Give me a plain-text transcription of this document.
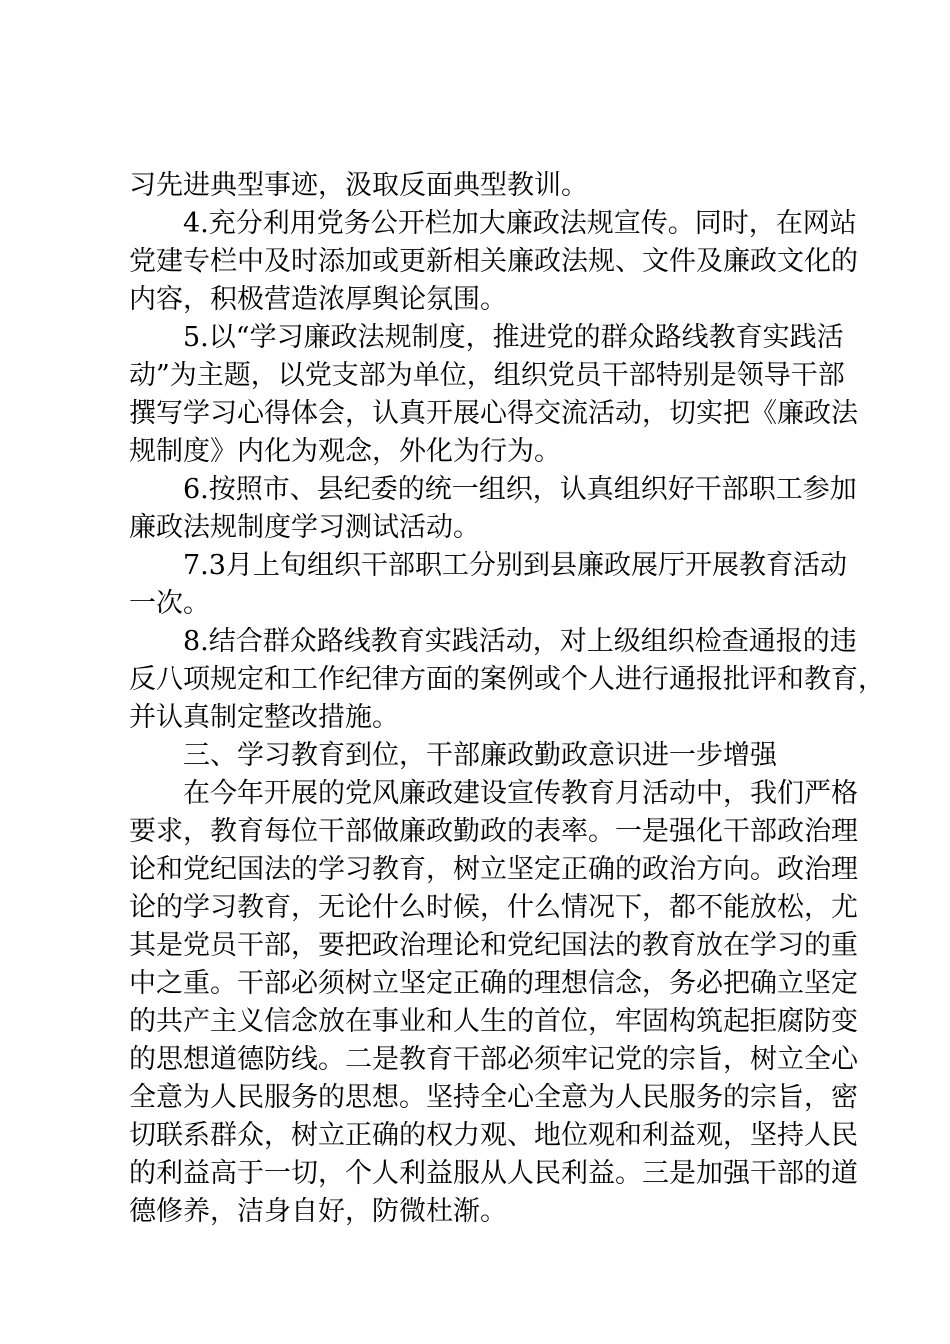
习先进典型事迹，汲取反面典型教训。
4.充分利用党务公开栏加大廉政法规宣传。同时，在网站
党建专栏中及时添加或更新相关廉政法规、文件及廉政文化的
内容，积极营造浓厚舆论氛围。
5.以“学习廉政法规制度，推进党的群众路线教育实践活
动”为主题，以党支部为单位，组织党员干部特别是领导干部
撰写学习心得体会，认真开展心得交流活动，切实把《廉政法
规制度》内化为观念，外化为行为。
6.按照市、县纪委的统一组织，认真组织好干部职工参加
廉政法规制度学习测试活动。
7.3月上旬组织干部职工分别到县廉政展厅开展教育活动
一次。
8.结合群众路线教育实践活动，对上级组织检查通报的违
反八项规定和工作纪律方面的案例或个人进行通报批评和教育，
并认真制定整改措施。
三、学习教育到位，干部廉政勤政意识进一步增强
在今年开展的党风廉政建设宣传教育月活动中，我们严格
要求，教育每位干部做廉政勤政的表率。一是强化干部政治理
论和党纪国法的学习教育，树立坚定正确的政治方向。政治理
论的学习教育，无论什么时候，什么情况下，都不能放松，尤
其是党员干部，要把政治理论和党纪国法的教育放在学习的重
中之重。干部必须树立坚定正确的理想信念，务必把确立坚定
的共产主义信念放在事业和人生的首位，牢固构筑起拒腐防变
的思想道德防线。二是教育干部必须牢记党的宗旨，树立全心
全意为人民服务的思想。坚持全心全意为人民服务的宗旨，密
切联系群众，树立正确的权力观、地位观和利益观，坚持人民
的利益高于一切，个人利益服从人民利益。三是加强干部的道
德修养，洁身自好，防微杜渐。
